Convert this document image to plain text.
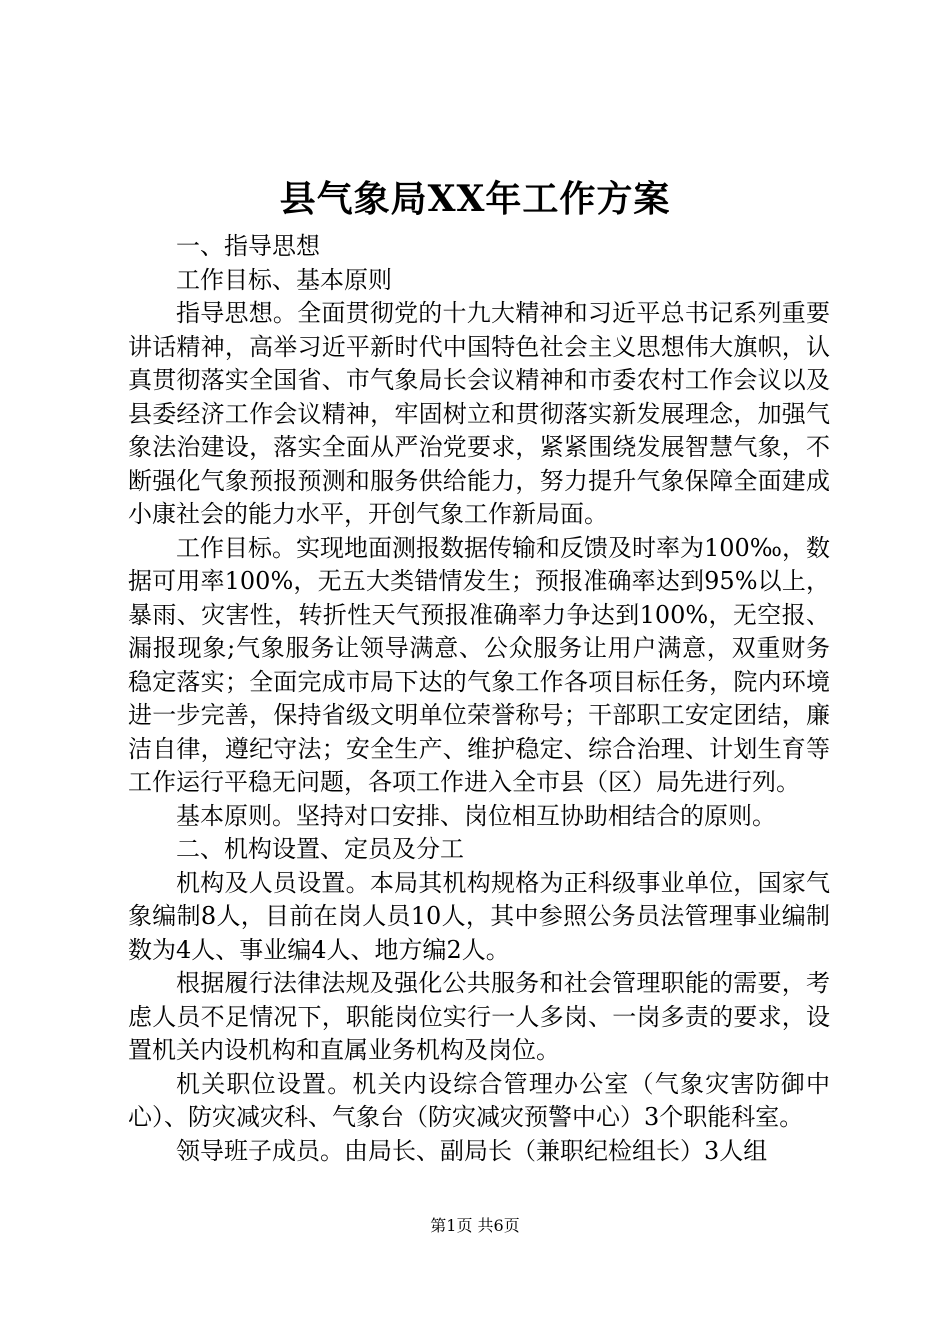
县气象局XX年工作方案

一、指导思想

工作目标、基本原则

指导思想。全面贯彻党的十九大精神和习近平总书记系列重要讲话精神，高举习近平新时代中国特色社会主义思想伟大旗帜，认真贯彻落实全国省、市气象局长会议精神和市委农村工作会议以及县委经济工作会议精神，牢固树立和贯彻落实新发展理念，加强气象法治建设，落实全面从严治党要求，紧紧围绕发展智慧气象，不断强化气象预报预测和服务供给能力，努力提升气象保障全面建成小康社会的能力水平，开创气象工作新局面。

工作目标。实现地面测报数据传输和反馈及时率为100‰，数据可用率100%，无五大类错情发生；预报准确率达到95%以上，暴雨、灾害性，转折性天气预报准确率力争达到100%，无空报、漏报现象;气象服务让领导满意、公众服务让用户满意，双重财务稳定落实；全面完成市局下达的气象工作各项目标任务，院内环境进一步完善，保持省级文明单位荣誉称号；干部职工安定团结，廉洁自律，遵纪守法；安全生产、维护稳定、综合治理、计划生育等工作运行平稳无问题，各项工作进入全市县（区）局先进行列。

基本原则。坚持对口安排、岗位相互协助相结合的原则。

二、机构设置、定员及分工

机构及人员设置。本局其机构规格为正科级事业单位，国家气象编制8人，目前在岗人员10人，其中参照公务员法管理事业编制数为4人、事业编4人、地方编2人。

根据履行法律法规及强化公共服务和社会管理职能的需要，考虑人员不足情况下，职能岗位实行一人多岗、一岗多责的要求，设置机关内设机构和直属业务机构及岗位。

机关职位设置。机关内设综合管理办公室（气象灾害防御中心）、防灾减灾科、气象台（防灾减灾预警中心）3个职能科室。

领导班子成员。由局长、副局长（兼职纪检组长）3人组

第1页 共6页
